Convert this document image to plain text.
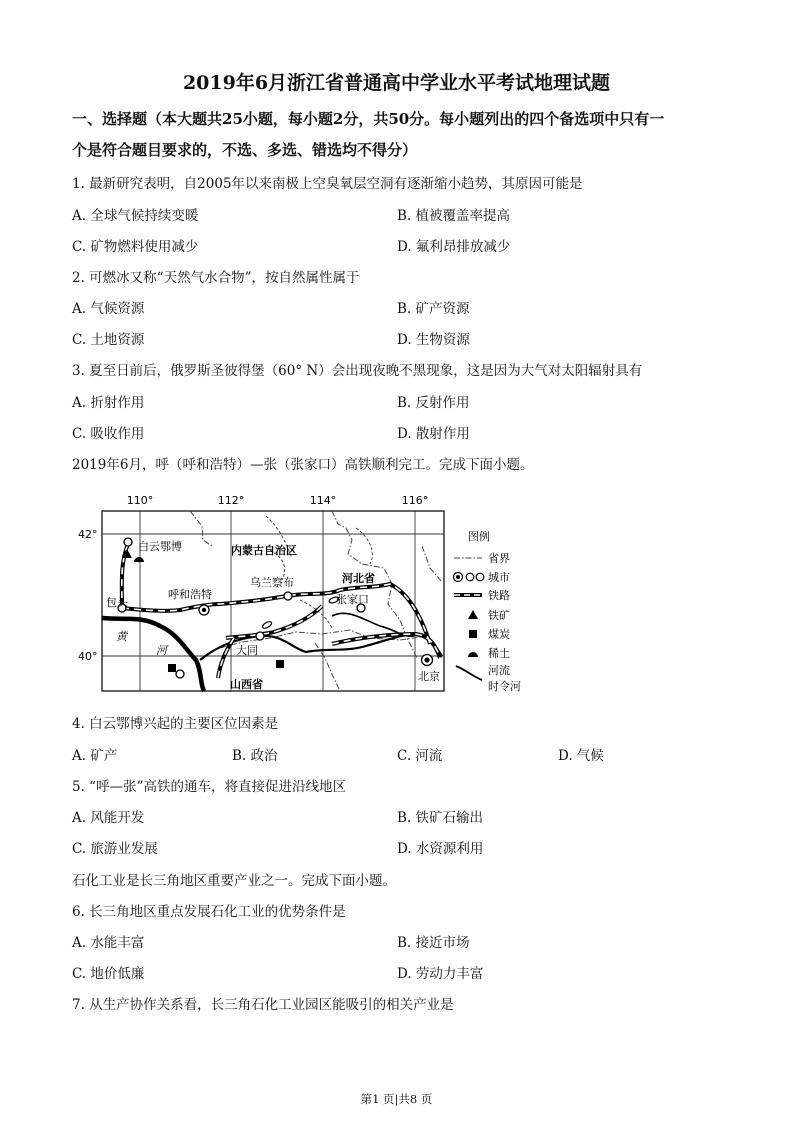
2019年6月浙江省普通高中学业水平考试地理试题
一、选择题（本大题共25小题，每小题2分，共50分。每小题列出的四个备选项中只有一
个是符合题目要求的，不选、多选、错选均不得分）
1. 最新研究表明，自2005年以来南极上空臭氧层空洞有逐渐缩小趋势，其原因可能是
A. 全球气候持续变暖	B. 植被覆盖率提高
C. 矿物燃料使用减少	D. 氟利昂排放减少
2. 可燃冰又称“天然气水合物”，按自然属性属于
A. 气候资源	B. 矿产资源
C. 土地资源	D. 生物资源
3. 夏至日前后，俄罗斯圣彼得堡（60° N）会出现夜晚不黑现象，这是因为大气对太阳辐射具有
A. 折射作用	B. 反射作用
C. 吸收作用	D. 散射作用
2019年6月，呼（呼和浩特）—张（张家口）高铁顺利完工。完成下面小题。
110°	112°	114°	116°
42°
40°
白云鄂博	内蒙古自治区
河北省
乌兰察布
呼和浩特	张家口
包头
黄
河	大同
山西省
北京
图例
省界
城市
铁路
铁矿
煤炭
稀土
河流
时令河
4. 白云鄂博兴起的主要区位因素是
A. 矿产	B. 政治	C. 河流	D. 气候
5. “呼—张”高铁的通车，将直接促进沿线地区
A. 风能开发	B. 铁矿石输出
C. 旅游业发展	D. 水资源利用
石化工业是长三角地区重要产业之一。完成下面小题。
6. 长三角地区重点发展石化工业的优势条件是
A. 水能丰富	B. 接近市场
C. 地价低廉	D. 劳动力丰富
7. 从生产协作关系看，长三角石化工业园区能吸引的相关产业是
第1 页|共8 页
